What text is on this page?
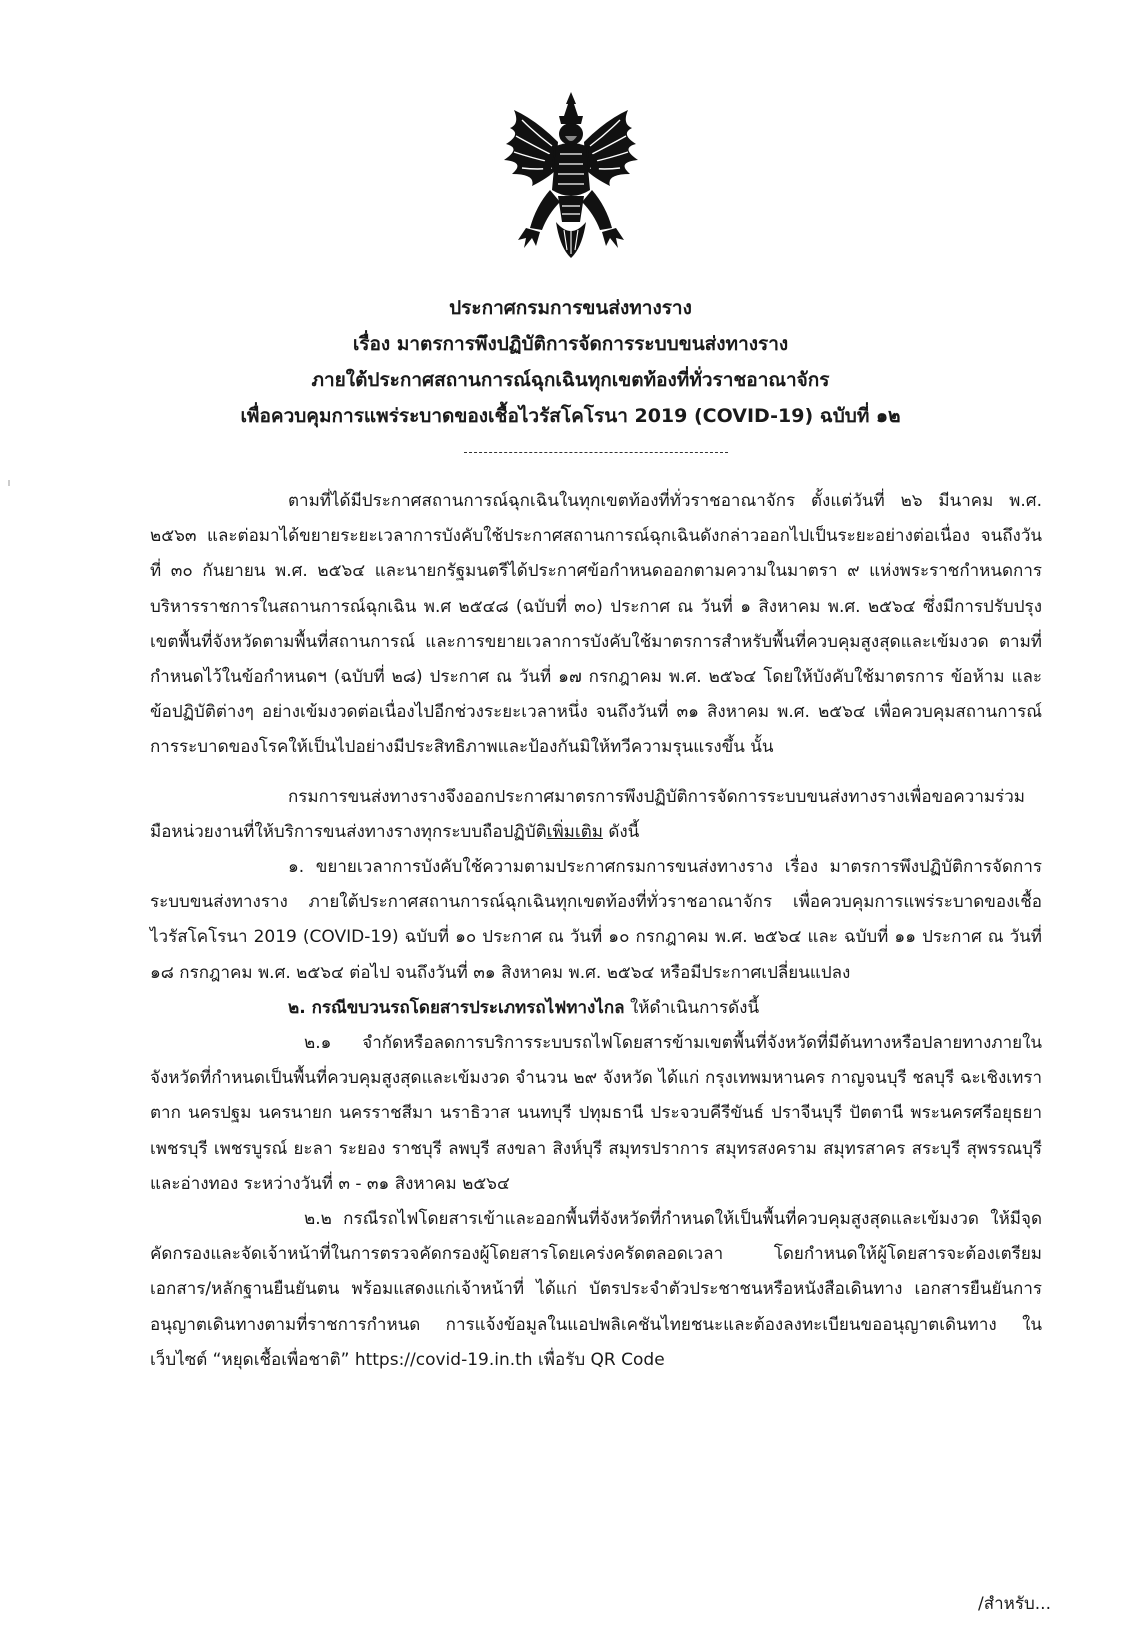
ประกาศกรมการขนส่งทางราง
เรื่อง มาตรการพึงปฏิบัติการจัดการระบบขนส่งทางราง
ภายใต้ประกาศสถานการณ์ฉุกเฉินทุกเขตท้องที่ทั่วราชอาณาจักร
เพื่อควบคุมการแพร่ระบาดของเชื้อไวรัสโคโรนา 2019 (COVID-19) ฉบับที่ ๑๒

ตามที่ได้มีประกาศสถานการณ์ฉุกเฉินในทุกเขตท้องที่ทั่วราชอาณาจักร ตั้งแต่วันที่ ๒๖ มีนาคม พ.ศ. ๒๕๖๓ และต่อมาได้ขยายระยะเวลาการบังคับใช้ประกาศสถานการณ์ฉุกเฉินดังกล่าวออกไปเป็นระยะอย่างต่อเนื่อง จนถึงวันที่ ๓๐ กันยายน พ.ศ. ๒๕๖๔ และนายกรัฐมนตรีได้ประกาศข้อกำหนดออกตามความในมาตรา ๙ แห่งพระราชกำหนดการบริหารราชการในสถานการณ์ฉุกเฉิน พ.ศ ๒๕๔๘ (ฉบับที่ ๓๐) ประกาศ ณ วันที่ ๑ สิงหาคม พ.ศ. ๒๕๖๔ ซึ่งมีการปรับปรุงเขตพื้นที่จังหวัดตามพื้นที่สถานการณ์ และการขยายเวลาการบังคับใช้มาตรการสำหรับพื้นที่ควบคุมสูงสุดและเข้มงวด ตามที่กำหนดไว้ในข้อกำหนดฯ (ฉบับที่ ๒๘) ประกาศ ณ วันที่ ๑๗ กรกฎาคม พ.ศ. ๒๕๖๔ โดยให้บังคับใช้มาตรการ ข้อห้าม และข้อปฏิบัติต่างๆ อย่างเข้มงวดต่อเนื่องไปอีกช่วงระยะเวลาหนึ่ง จนถึงวันที่ ๓๑ สิงหาคม พ.ศ. ๒๕๖๔ เพื่อควบคุมสถานการณ์การระบาดของโรคให้เป็นไปอย่างมีประสิทธิภาพและป้องกันมิให้ทวีความรุนแรงขึ้น นั้น

กรมการขนส่งทางรางจึงออกประกาศมาตรการพึงปฏิบัติการจัดการระบบขนส่งทางรางเพื่อขอความร่วมมือหน่วยงานที่ให้บริการขนส่งทางรางทุกระบบถือปฏิบัติเพิ่มเติม ดังนี้

๑. ขยายเวลาการบังคับใช้ความตามประกาศกรมการขนส่งทางราง เรื่อง มาตรการพึงปฏิบัติการจัดการระบบขนส่งทางราง ภายใต้ประกาศสถานการณ์ฉุกเฉินทุกเขตท้องที่ทั่วราชอาณาจักร เพื่อควบคุมการแพร่ระบาดของเชื้อไวรัสโคโรนา 2019 (COVID-19) ฉบับที่ ๑๐ ประกาศ ณ วันที่ ๑๐ กรกฎาคม พ.ศ. ๒๕๖๔ และ ฉบับที่ ๑๑ ประกาศ ณ วันที่ ๑๘ กรกฎาคม พ.ศ. ๒๕๖๔ ต่อไป จนถึงวันที่ ๓๑ สิงหาคม พ.ศ. ๒๕๖๔ หรือมีประกาศเปลี่ยนแปลง

๒. กรณีขบวนรถโดยสารประเภทรถไฟทางไกล ให้ดำเนินการดังนี้

๒.๑ จำกัดหรือลดการบริการระบบรถไฟโดยสารข้ามเขตพื้นที่จังหวัดที่มีต้นทางหรือปลายทางภายในจังหวัดที่กำหนดเป็นพื้นที่ควบคุมสูงสุดและเข้มงวด จำนวน ๒๙ จังหวัด ได้แก่ กรุงเทพมหานคร กาญจนบุรี ชลบุรี ฉะเชิงเทรา ตาก นครปฐม นครนายก นครราชสีมา นราธิวาส นนทบุรี ปทุมธานี ประจวบคีรีขันธ์ ปราจีนบุรี ปัตตานี พระนครศรีอยุธยา เพชรบุรี เพชรบูรณ์ ยะลา ระยอง ราชบุรี ลพบุรี สงขลา สิงห์บุรี สมุทรปราการ สมุทรสงคราม สมุทรสาคร สระบุรี สุพรรณบุรี และอ่างทอง ระหว่างวันที่ ๓ - ๓๑ สิงหาคม ๒๕๖๔

๒.๒ กรณีรถไฟโดยสารเข้าและออกพื้นที่จังหวัดที่กำหนดให้เป็นพื้นที่ควบคุมสูงสุดและเข้มงวด ให้มีจุดคัดกรองและจัดเจ้าหน้าที่ในการตรวจคัดกรองผู้โดยสารโดยเคร่งครัดตลอดเวลา โดยกำหนดให้ผู้โดยสารจะต้องเตรียมเอกสาร/หลักฐานยืนยันตน พร้อมแสดงแก่เจ้าหน้าที่ ได้แก่ บัตรประจำตัวประชาชนหรือหนังสือเดินทาง เอกสารยืนยันการอนุญาตเดินทางตามที่ราชการกำหนด การแจ้งข้อมูลในแอปพลิเคชันไทยชนะและต้องลงทะเบียนขออนุญาตเดินทาง ในเว็บไซต์ “หยุดเชื้อเพื่อชาติ” https://covid-19.in.th เพื่อรับ QR Code

/สำหรับ...
